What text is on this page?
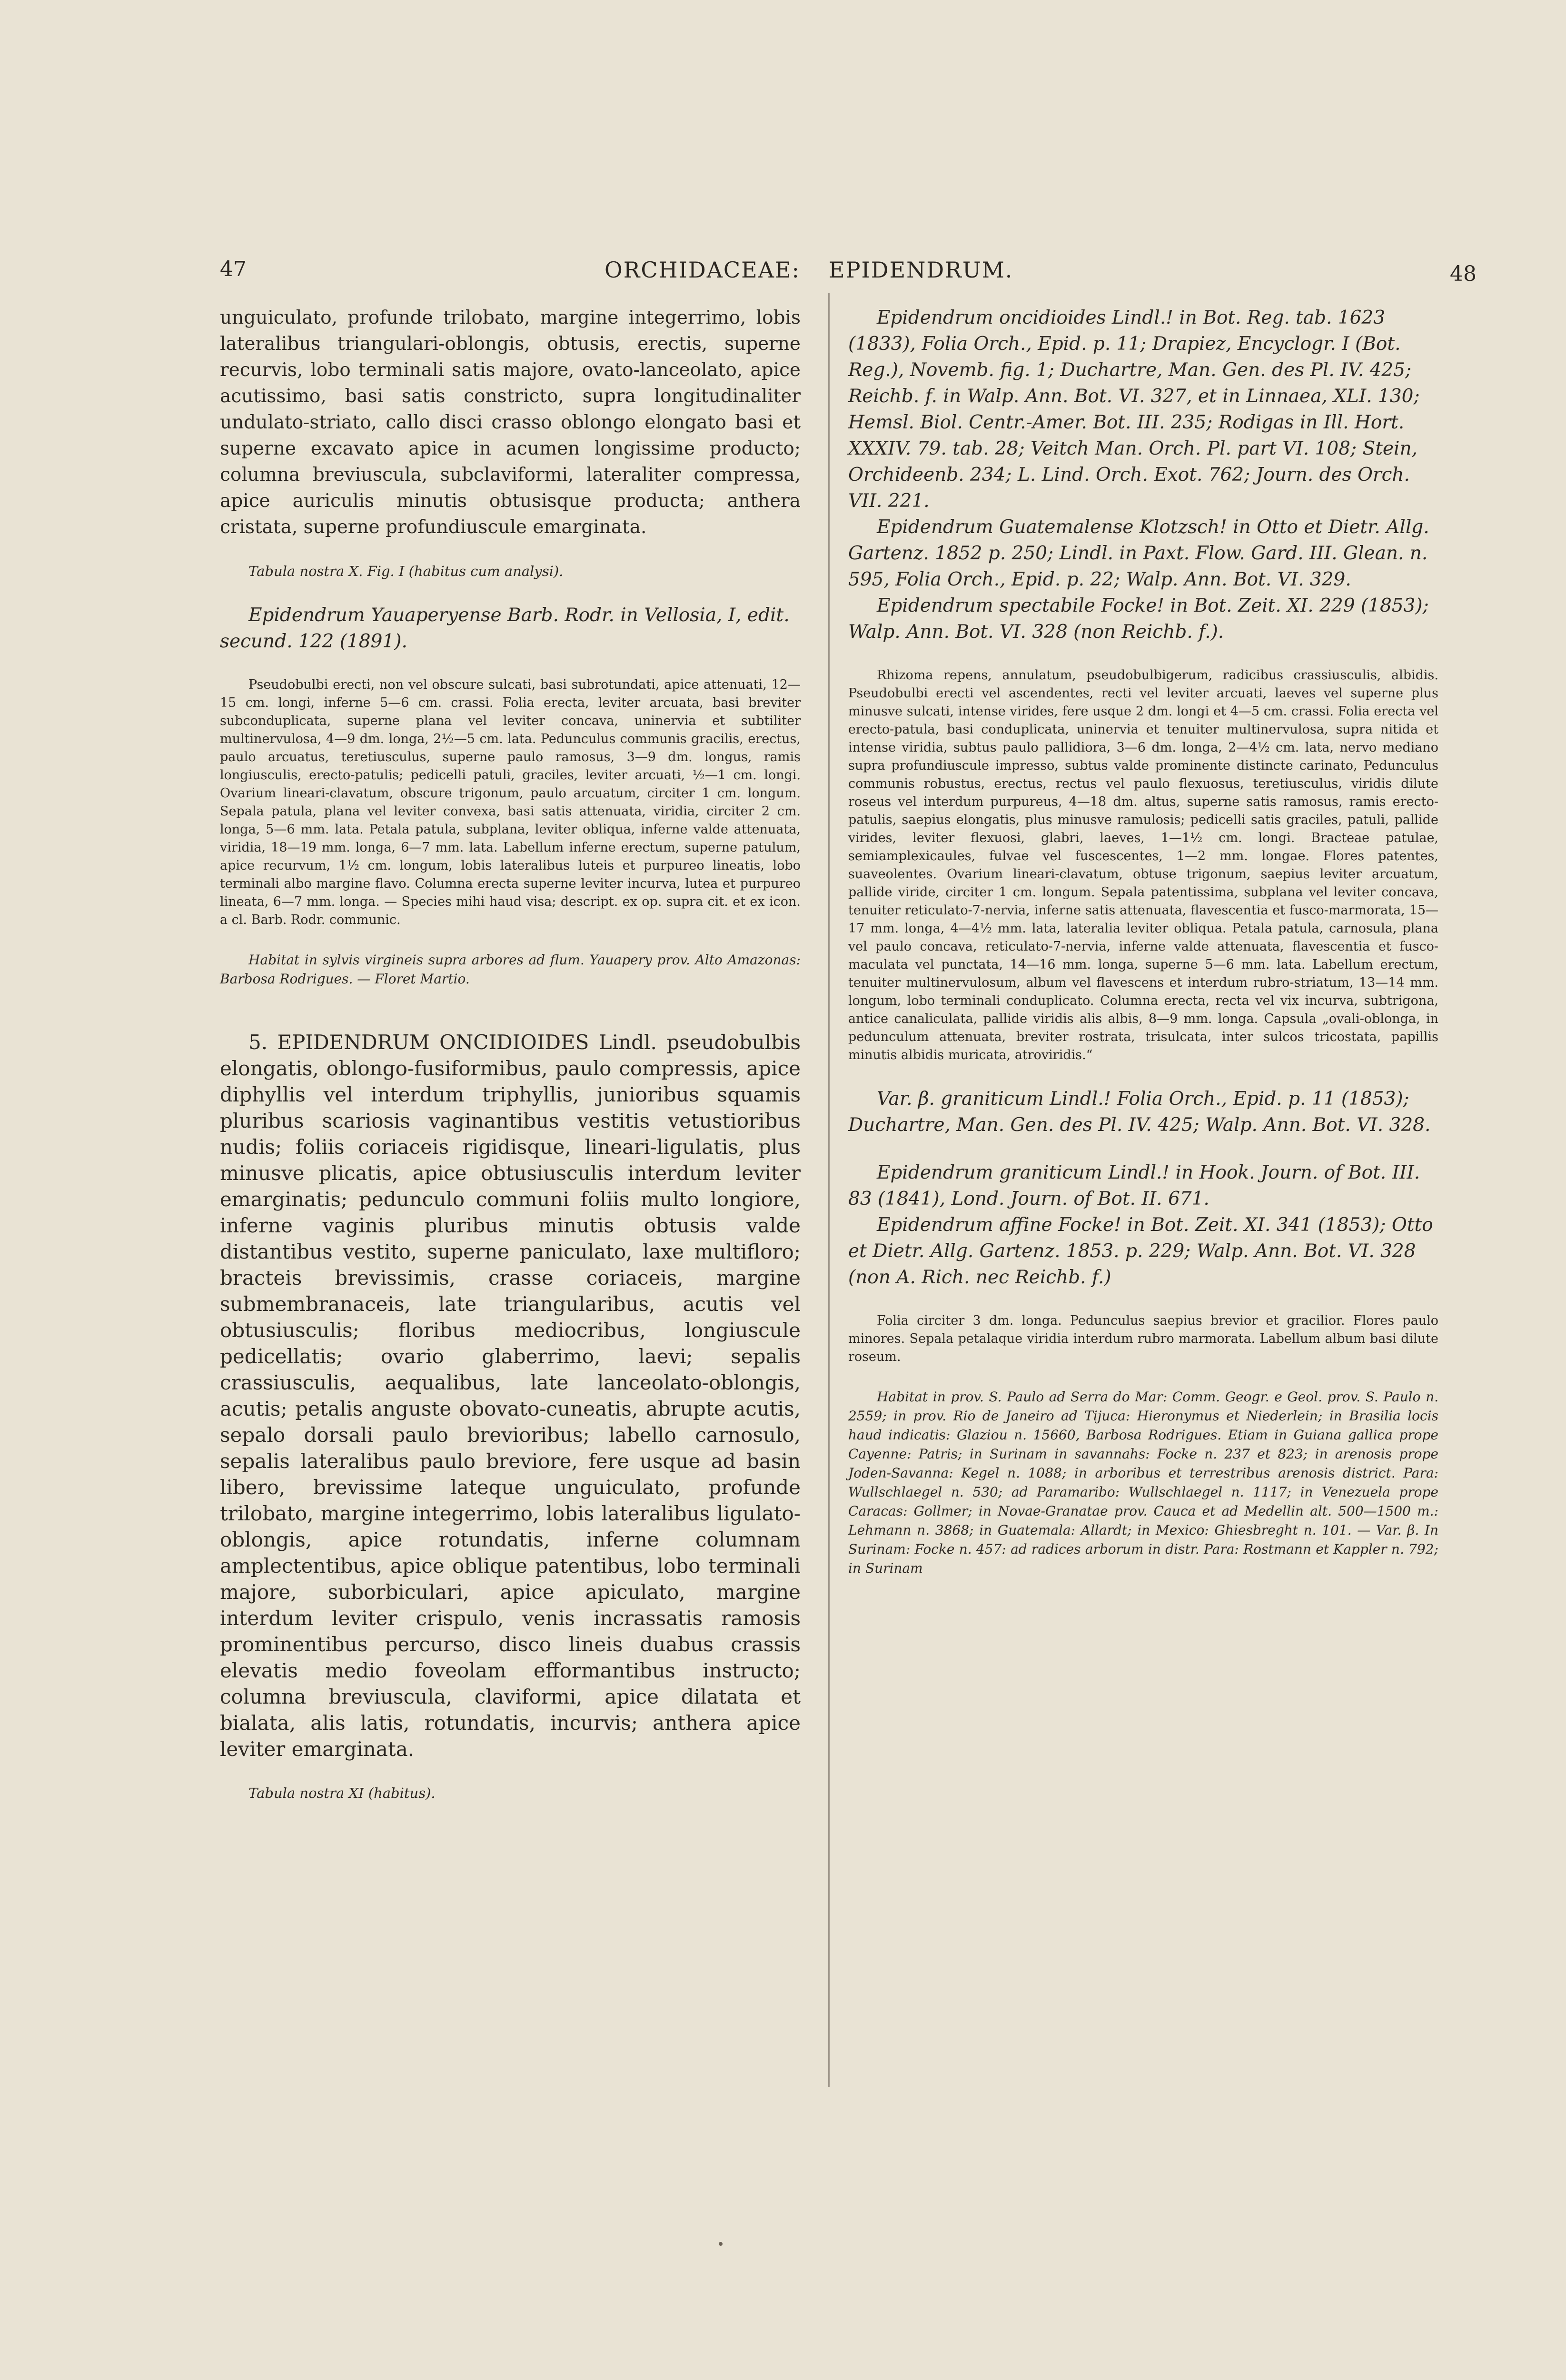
47	ORCHIDACEAE: EPIDENDRUM.	48

unguiculato, profunde trilobato, margine integerrimo, lobis lateralibus triangulari-oblongis, obtusis, erectis, superne recurvis, lobo terminali satis majore, ovato-lanceolato, apice acutissimo, basi satis constricto, supra longitudinaliter undulato-striato, callo disci crasso oblongo elongato basi et superne excavato apice in acumen longissime producto; columna breviuscula, subclaviformi, lateraliter compressa, apice auriculis minutis obtusisque producta; anthera cristata, superne profundiuscule emarginata.

Tabula nostra X. Fig. I (habitus cum analysi).

Epidendrum Yauaperyense Barb. Rodr. in Vellosia, I, edit. secund. 122 (1891).

Pseudobulbi erecti, non vel obscure sulcati, basi subrotundati, apice attenuati, 12—15 cm. longi, inferne 5—6 cm. crassi. Folia erecta, leviter arcuata, basi breviter subconduplicata, superne plana vel leviter concava, uninervia et subtiliter multinervulosa, 4—9 dm. longa, 2½—5 cm. lata. Pedunculus communis gracilis, erectus, paulo arcuatus, teretiusculus, superne paulo ramosus, 3—9 dm. longus, ramis longiusculis, erecto-patulis; pedicelli patuli, graciles, leviter arcuati, ½—1 cm. longi. Ovarium lineari-clavatum, obscure trigonum, paulo arcuatum, circiter 1 cm. longum. Sepala patula, plana vel leviter convexa, basi satis attenuata, viridia, circiter 2 cm. longa, 5—6 mm. lata. Petala patula, subplana, leviter obliqua, inferne valde attenuata, viridia, 18—19 mm. longa, 6—7 mm. lata. Labellum inferne erectum, superne patulum, apice recurvum, 1½ cm. longum, lobis lateralibus luteis et purpureo lineatis, lobo terminali albo margine flavo. Columna erecta superne leviter incurva, lutea et purpureo lineata, 6—7 mm. longa. — Species mihi haud visa; descript. ex op. supra cit. et ex icon. a cl. Barb. Rodr. communic.

Habitat in sylvis virgineis supra arbores ad flum. Yauapery prov. Alto Amazonas: Barbosa Rodrigues. — Floret Martio.

5. EPIDENDRUM ONCIDIOIDES Lindl. pseudobulbis elongatis, oblongo-fusiformibus, paulo compressis, apice diphyllis vel interdum triphyllis, junioribus squamis pluribus scariosis vaginantibus vestitis vetustioribus nudis; foliis coriaceis rigidisque, lineari-ligulatis, plus minusve plicatis, apice obtusiusculis interdum leviter emarginatis; pedunculo communi foliis multo longiore, inferne vaginis pluribus minutis obtusis valde distantibus vestito, superne paniculato, laxe multifloro; bracteis brevissimis, crasse coriaceis, margine submembranaceis, late triangularibus, acutis vel obtusiusculis; floribus mediocribus, longiuscule pedicellatis; ovario glaberrimo, laevi; sepalis crassiusculis, aequalibus, late lanceolato-oblongis, acutis; petalis anguste obovato-cuneatis, abrupte acutis, sepalo dorsali paulo brevioribus; labello carnosulo, sepalis lateralibus paulo breviore, fere usque ad basin libero, brevissime lateque unguiculato, profunde trilobato, margine integerrimo, lobis lateralibus ligulato-oblongis, apice rotundatis, inferne columnam amplectentibus, apice oblique patentibus, lobo terminali majore, suborbiculari, apice apiculato, margine interdum leviter crispulo, venis incrassatis ramosis prominentibus percurso, disco lineis duabus crassis elevatis medio foveolam efformantibus instructo; columna breviuscula, claviformi, apice dilatata et bialata, alis latis, rotundatis, incurvis; anthera apice leviter emarginata.

Tabula nostra XI (habitus).

Epidendrum oncidioides Lindl.! in Bot. Reg. tab. 1623 (1833), Folia Orch., Epid. p. 11; Drapiez, Encyclogr. I (Bot. Reg.), Novemb. fig. 1; Duchartre, Man. Gen. des Pl. IV. 425; Reichb. f. in Walp. Ann. Bot. VI. 327, et in Linnaea, XLI. 130; Hemsl. Biol. Centr.-Amer. Bot. III. 235; Rodigas in Ill. Hort. XXXIV. 79. tab. 28; Veitch Man. Orch. Pl. part VI. 108; Stein, Orchideenb. 234; L. Lind. Orch. Exot. 762; Journ. des Orch. VII. 221.

Epidendrum Guatemalense Klotzsch! in Otto et Dietr. Allg. Gartenz. 1852 p. 250; Lindl. in Paxt. Flow. Gard. III. Glean. n. 595, Folia Orch., Epid. p. 22; Walp. Ann. Bot. VI. 329.

Epidendrum spectabile Focke! in Bot. Zeit. XI. 229 (1853); Walp. Ann. Bot. VI. 328 (non Reichb. f.).

Rhizoma repens, annulatum, pseudobulbigerum, radicibus crassiusculis, albidis. Pseudobulbi erecti vel ascendentes, recti vel leviter arcuati, laeves vel superne plus minusve sulcati, intense virides, fere usque 2 dm. longi et 4—5 cm. crassi. Folia erecta vel erecto-patula, basi conduplicata, uninervia et tenuiter multinervulosa, supra nitida et intense viridia, subtus paulo pallidiora, 3—6 dm. longa, 2—4½ cm. lata, nervo mediano supra profundiuscule impresso, subtus valde prominente distincte carinato, Pedunculus communis robustus, erectus, rectus vel paulo flexuosus, teretiusculus, viridis dilute roseus vel interdum purpureus, 4—18 dm. altus, superne satis ramosus, ramis erecto-patulis, saepius elongatis, plus minusve ramulosis; pedicelli satis graciles, patuli, pallide virides, leviter flexuosi, glabri, laeves, 1—1½ cm. longi. Bracteae patulae, semiamplexicaules, fulvae vel fuscescentes, 1—2 mm. longae. Flores patentes, suaveolentes. Ovarium lineari-clavatum, obtuse trigonum, saepius leviter arcuatum, pallide viride, circiter 1 cm. longum. Sepala patentissima, subplana vel leviter concava, tenuiter reticulato-7-nervia, inferne satis attenuata, flavescentia et fusco-marmorata, 15—17 mm. longa, 4—4½ mm. lata, lateralia leviter obliqua. Petala patula, carnosula, plana vel paulo concava, reticulato-7-nervia, inferne valde attenuata, flavescentia et fusco-maculata vel punctata, 14—16 mm. longa, superne 5—6 mm. lata. Labellum erectum, tenuiter multinervulosum, album vel flavescens et interdum rubro-striatum, 13—14 mm. longum, lobo terminali conduplicato. Columna erecta, recta vel vix incurva, subtrigona, antice canaliculata, pallide viridis alis albis, 8—9 mm. longa. Capsula „ovali-oblonga, in pedunculum attenuata, breviter rostrata, trisulcata, inter sulcos tricostata, papillis minutis albidis muricata, atroviridis.“

Var. β. graniticum Lindl.! Folia Orch., Epid. p. 11 (1853); Duchartre, Man. Gen. des Pl. IV. 425; Walp. Ann. Bot. VI. 328.

Epidendrum graniticum Lindl.! in Hook. Journ. of Bot. III. 83 (1841), Lond. Journ. of Bot. II. 671.

Epidendrum affine Focke! in Bot. Zeit. XI. 341 (1853); Otto et Dietr. Allg. Gartenz. 1853. p. 229; Walp. Ann. Bot. VI. 328 (non A. Rich. nec Reichb. f.)

Folia circiter 3 dm. longa. Pedunculus saepius brevior et gracilior. Flores paulo minores. Sepala petalaque viridia interdum rubro marmorata. Labellum album basi dilute roseum.

Habitat in prov. S. Paulo ad Serra do Mar: Comm. Geogr. e Geol. prov. S. Paulo n. 2559; in prov. Rio de Janeiro ad Tijuca: Hieronymus et Niederlein; in Brasilia locis haud indicatis: Glaziou n. 15660, Barbosa Rodrigues. Etiam in Guiana gallica prope Cayenne: Patris; in Surinam in savannahs: Focke n. 237 et 823; in arenosis prope Joden-Savanna: Kegel n. 1088; in arboribus et terrestribus arenosis district. Para: Wullschlaegel n. 530; ad Paramaribo: Wullschlaegel n. 1117; in Venezuela prope Caracas: Gollmer; in Novae-Granatae prov. Cauca et ad Medellin alt. 500—1500 m.: Lehmann n. 3868; in Guatemala: Allardt; in Mexico: Ghiesbreght n. 101. — Var. β. In Surinam: Focke n. 457: ad radices arborum in distr. Para: Rostmann et Kappler n. 792; in Surinam
